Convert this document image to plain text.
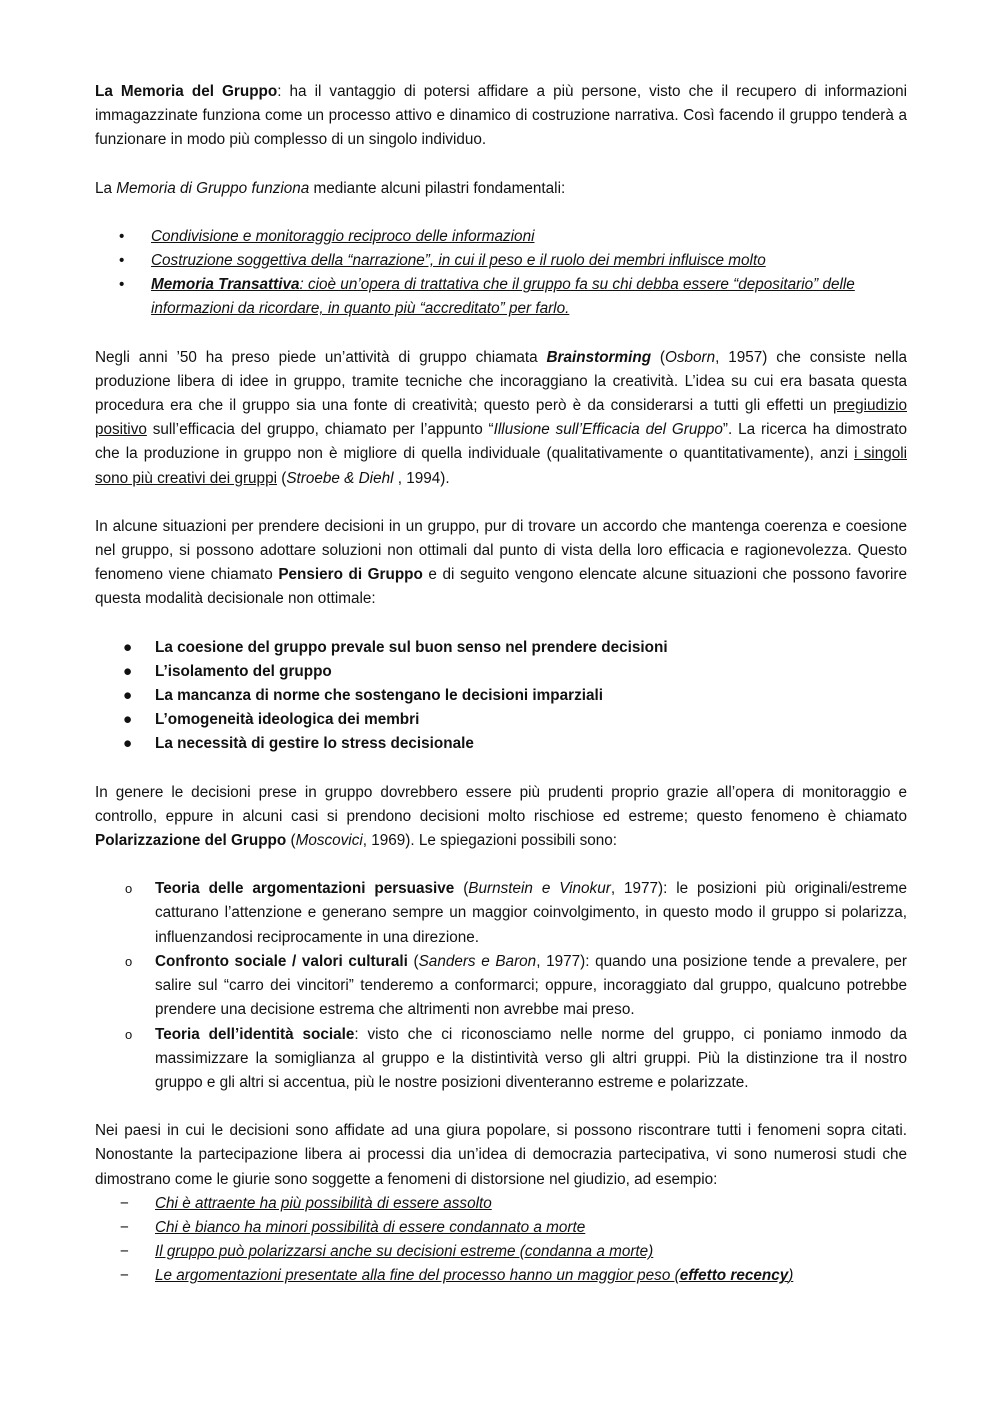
La Memoria del Gruppo: ha il vantaggio di potersi affidare a più persone, visto che il recupero di informazioni immagazzinate funziona come un processo attivo e dinamico di costruzione narrativa. Così facendo il gruppo tenderà a funzionare in modo più complesso di un singolo individuo.

La Memoria di Gruppo funziona mediante alcuni pilastri fondamentali:

• Condivisione e monitoraggio reciproco delle informazioni
• Costruzione soggettiva della “narrazione”, in cui il peso e il ruolo dei membri influisce molto
• Memoria Transattiva: cioè un’opera di trattativa che il gruppo fa su chi debba essere “depositario” delle informazioni da ricordare, in quanto più “accreditato” per farlo.

Negli anni ’50 ha preso piede un’attività di gruppo chiamata Brainstorming (Osborn, 1957) che consiste nella produzione libera di idee in gruppo, tramite tecniche che incoraggiano la creatività. L’idea su cui era basata questa procedura era che il gruppo sia una fonte di creatività; questo però è da considerarsi a tutti gli effetti un pregiudizio positivo sull’efficacia del gruppo, chiamato per l’appunto “Illusione sull’Efficacia del Gruppo”. La ricerca ha dimostrato che la produzione in gruppo non è migliore di quella individuale (qualitativamente o quantitativamente), anzi i singoli sono più creativi dei gruppi (Stroebe & Diehl , 1994).

In alcune situazioni per prendere decisioni in un gruppo, pur di trovare un accordo che mantenga coerenza e coesione nel gruppo, si possono adottare soluzioni non ottimali dal punto di vista della loro efficacia e ragionevolezza. Questo fenomeno viene chiamato Pensiero di Gruppo e di seguito vengono elencate alcune situazioni che possono favorire questa modalità decisionale non ottimale:

● La coesione del gruppo prevale sul buon senso nel prendere decisioni
● L’isolamento del gruppo
● La mancanza di norme che sostengano le decisioni imparziali
● L’omogeneità ideologica dei membri
● La necessità di gestire lo stress decisionale

In genere le decisioni prese in gruppo dovrebbero essere più prudenti proprio grazie all’opera di monitoraggio e controllo, eppure in alcuni casi si prendono decisioni molto rischiose ed estreme; questo fenomeno è chiamato Polarizzazione del Gruppo (Moscovici, 1969). Le spiegazioni possibili sono:

o Teoria delle argomentazioni persuasive (Burnstein e Vinokur, 1977): le posizioni più originali/estreme catturano l’attenzione e generano sempre un maggior coinvolgimento, in questo modo il gruppo si polarizza, influenzandosi reciprocamente in una direzione.
o Confronto sociale / valori culturali (Sanders e Baron, 1977): quando una posizione tende a prevalere, per salire sul “carro dei vincitori” tenderemo a conformarci; oppure, incoraggiato dal gruppo, qualcuno potrebbe prendere una decisione estrema che altrimenti non avrebbe mai preso.
o Teoria dell’identità sociale: visto che ci riconosciamo nelle norme del gruppo, ci poniamo inmodo da massimizzare la somiglianza al gruppo e la distintività verso gli altri gruppi. Più la distinzione tra il nostro gruppo e gli altri si accentua, più le nostre posizioni diventeranno estreme e polarizzate.

Nei paesi in cui le decisioni sono affidate ad una giura popolare, si possono riscontrare tutti i fenomeni sopra citati. Nonostante la partecipazione libera ai processi dia un’idea di democrazia partecipativa, vi sono numerosi studi che dimostrano come le giurie sono soggette a fenomeni di distorsione nel giudizio, ad esempio:

− Chi è attraente ha più possibilità di essere assolto
− Chi è bianco ha minori possibilità di essere condannato a morte
− Il gruppo può polarizzarsi anche su decisioni estreme (condanna a morte)
− Le argomentazioni presentate alla fine del processo hanno un maggior peso (effetto recency)
